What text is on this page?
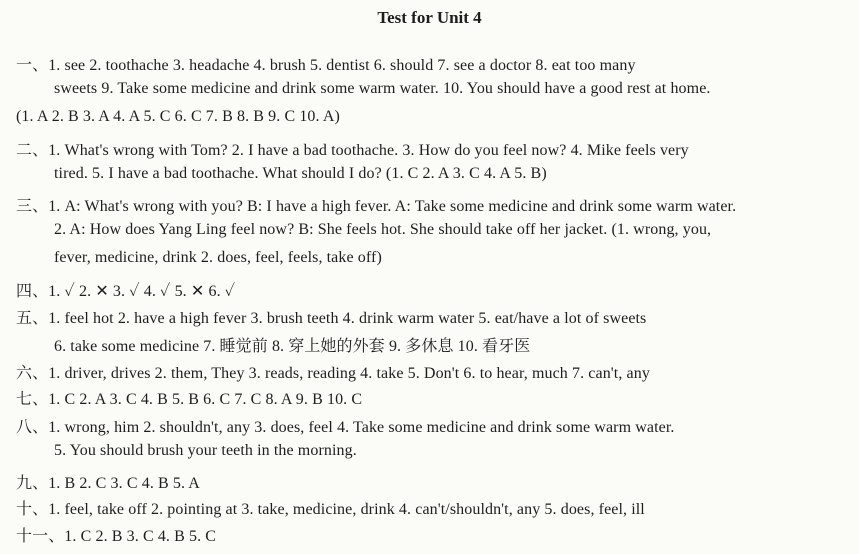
Test for Unit 4
一、1. see 2. toothache 3. headache 4. brush 5. dentist 6. should 7. see a doctor 8. eat too many
sweets 9. Take some medicine and drink some warm water. 10. You should have a good rest at home.
(1. A 2. B 3. A 4. A 5. C 6. C 7. B 8. B 9. C 10. A)
二、1. What's wrong with Tom? 2. I have a bad toothache. 3. How do you feel now? 4. Mike feels very
tired. 5. I have a bad toothache. What should I do? (1. C 2. A 3. C 4. A 5. B)
三、1. A: What's wrong with you? B: I have a high fever. A: Take some medicine and drink some warm water.
2. A: How does Yang Ling feel now? B: She feels hot. She should take off her jacket. (1. wrong, you,
fever, medicine, drink 2. does, feel, feels, take off)
四、1. ✓ 2. ✕ 3. ✓ 4. ✓ 5. ✕ 6. ✓
五、1. feel hot 2. have a high fever 3. brush teeth 4. drink warm water 5. eat/have a lot of sweets
6. take some medicine 7. 睡觉前 8. 穿上她的外套 9. 多休息 10. 看牙医
六、1. driver, drives 2. them, They 3. reads, reading 4. take 5. Don't 6. to hear, much 7. can't, any
七、1. C 2. A 3. C 4. B 5. B 6. C 7. C 8. A 9. B 10. C
八、1. wrong, him 2. shouldn't, any 3. does, feel 4. Take some medicine and drink some warm water.
5. You should brush your teeth in the morning.
九、1. B 2. C 3. C 4. B 5. A
十、1. feel, take off 2. pointing at 3. take, medicine, drink 4. can't/shouldn't, any 5. does, feel, ill
十一、1. C 2. B 3. C 4. B 5. C
